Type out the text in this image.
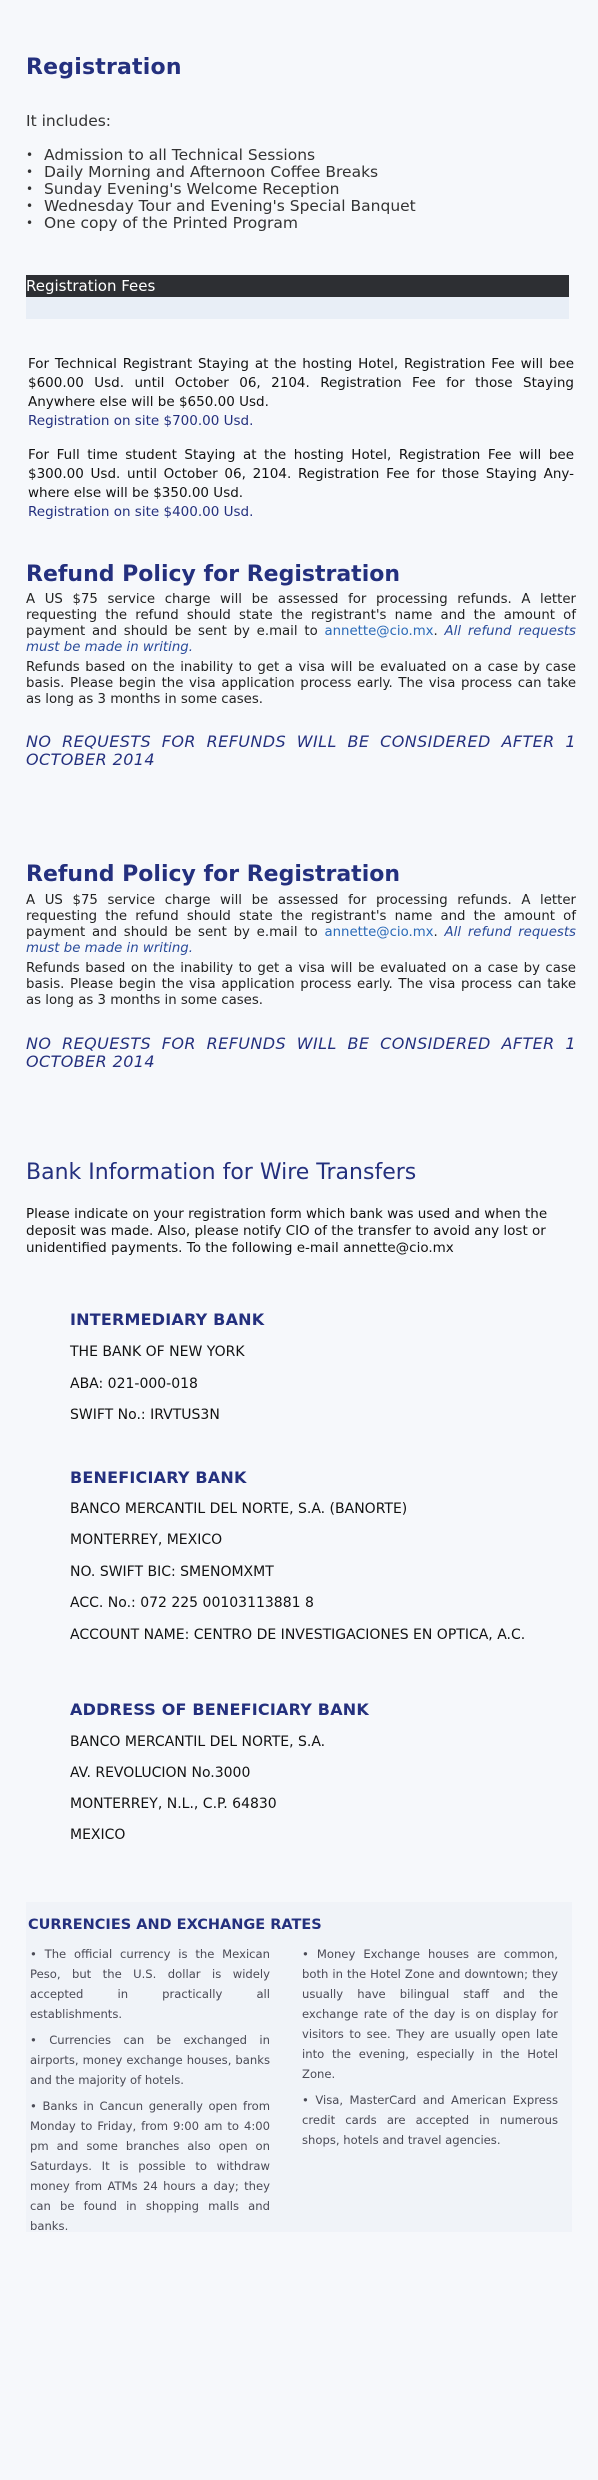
Registration
It includes:
• Admission to all Technical Sessions
• Daily Morning and Afternoon Coffee Breaks
• Sunday Evening's Welcome Reception
• Wednesday Tour and Evening's Special Banquet
• One copy of the Printed Program
Registration Fees
For Technical Registrant Staying at the hosting Hotel, Registration Fee will bee $600.00 Usd. until October 06, 2104. Registration Fee for those Staying Anywhere else will be $650.00 Usd.
Registration on site $700.00 Usd.
For Full time student Staying at the hosting Hotel, Registration Fee will bee $300.00 Usd. until October 06, 2104. Registration Fee for those Staying Any-where else will be $350.00 Usd.
Registration on site $400.00 Usd.
Refund Policy for Registration
A US $75 service charge will be assessed for processing refunds. A letter requesting the refund should state the registrant's name and the amount of payment and should be sent by e.mail to annette@cio.mx. All refund requests must be made in writing.
Refunds based on the inability to get a visa will be evaluated on a case by case basis. Please begin the visa application process early. The visa process can take as long as 3 months in some cases.
NO REQUESTS FOR REFUNDS WILL BE CONSIDERED AFTER 1 OCTOBER 2014
Refund Policy for Registration
A US $75 service charge will be assessed for processing refunds. A letter requesting the refund should state the registrant's name and the amount of payment and should be sent by e.mail to annette@cio.mx. All refund requests must be made in writing.
Refunds based on the inability to get a visa will be evaluated on a case by case basis. Please begin the visa application process early. The visa process can take as long as 3 months in some cases.
NO REQUESTS FOR REFUNDS WILL BE CONSIDERED AFTER 1 OCTOBER 2014
Bank Information for Wire Transfers
Please indicate on your registration form which bank was used and when the deposit was made. Also, please notify CIO of the transfer to avoid any lost or unidentified payments. To the following e-mail annette@cio.mx
INTERMEDIARY BANK
THE BANK OF NEW YORK
ABA: 021-000-018
SWIFT No.: IRVTUS3N
BENEFICIARY BANK
BANCO MERCANTIL DEL NORTE, S.A. (BANORTE)
MONTERREY, MEXICO
NO. SWIFT BIC: SMENOMXMT
ACC. No.: 072 225 00103113881 8
ACCOUNT NAME: CENTRO DE INVESTIGACIONES EN OPTICA, A.C.
ADDRESS OF BENEFICIARY BANK
BANCO MERCANTIL DEL NORTE, S.A.
AV. REVOLUCION No.3000
MONTERREY, N.L., C.P. 64830
MEXICO
CURRENCIES AND EXCHANGE RATES

• The official currency is the Mexican Peso, but the U.S. dollar is widely accepted in practically all establishments.

• Currencies can be exchanged in airports, money exchange houses, banks and the majority of hotels.

• Banks in Cancun generally open from Monday to Friday, from 9:00 am to 4:00 pm and some branches also open on Saturdays. It is possible to withdraw money from ATMs 24 hours a day; they can be found in shopping malls and banks.

• Money Exchange houses are common, both in the Hotel Zone and downtown; they usually have bilingual staff and the exchange rate of the day is on display for visitors to see. They are usually open late into the evening, especially in the Hotel Zone.

• Visa, MasterCard and American Express credit cards are accepted in numerous shops, hotels and travel agencies.
